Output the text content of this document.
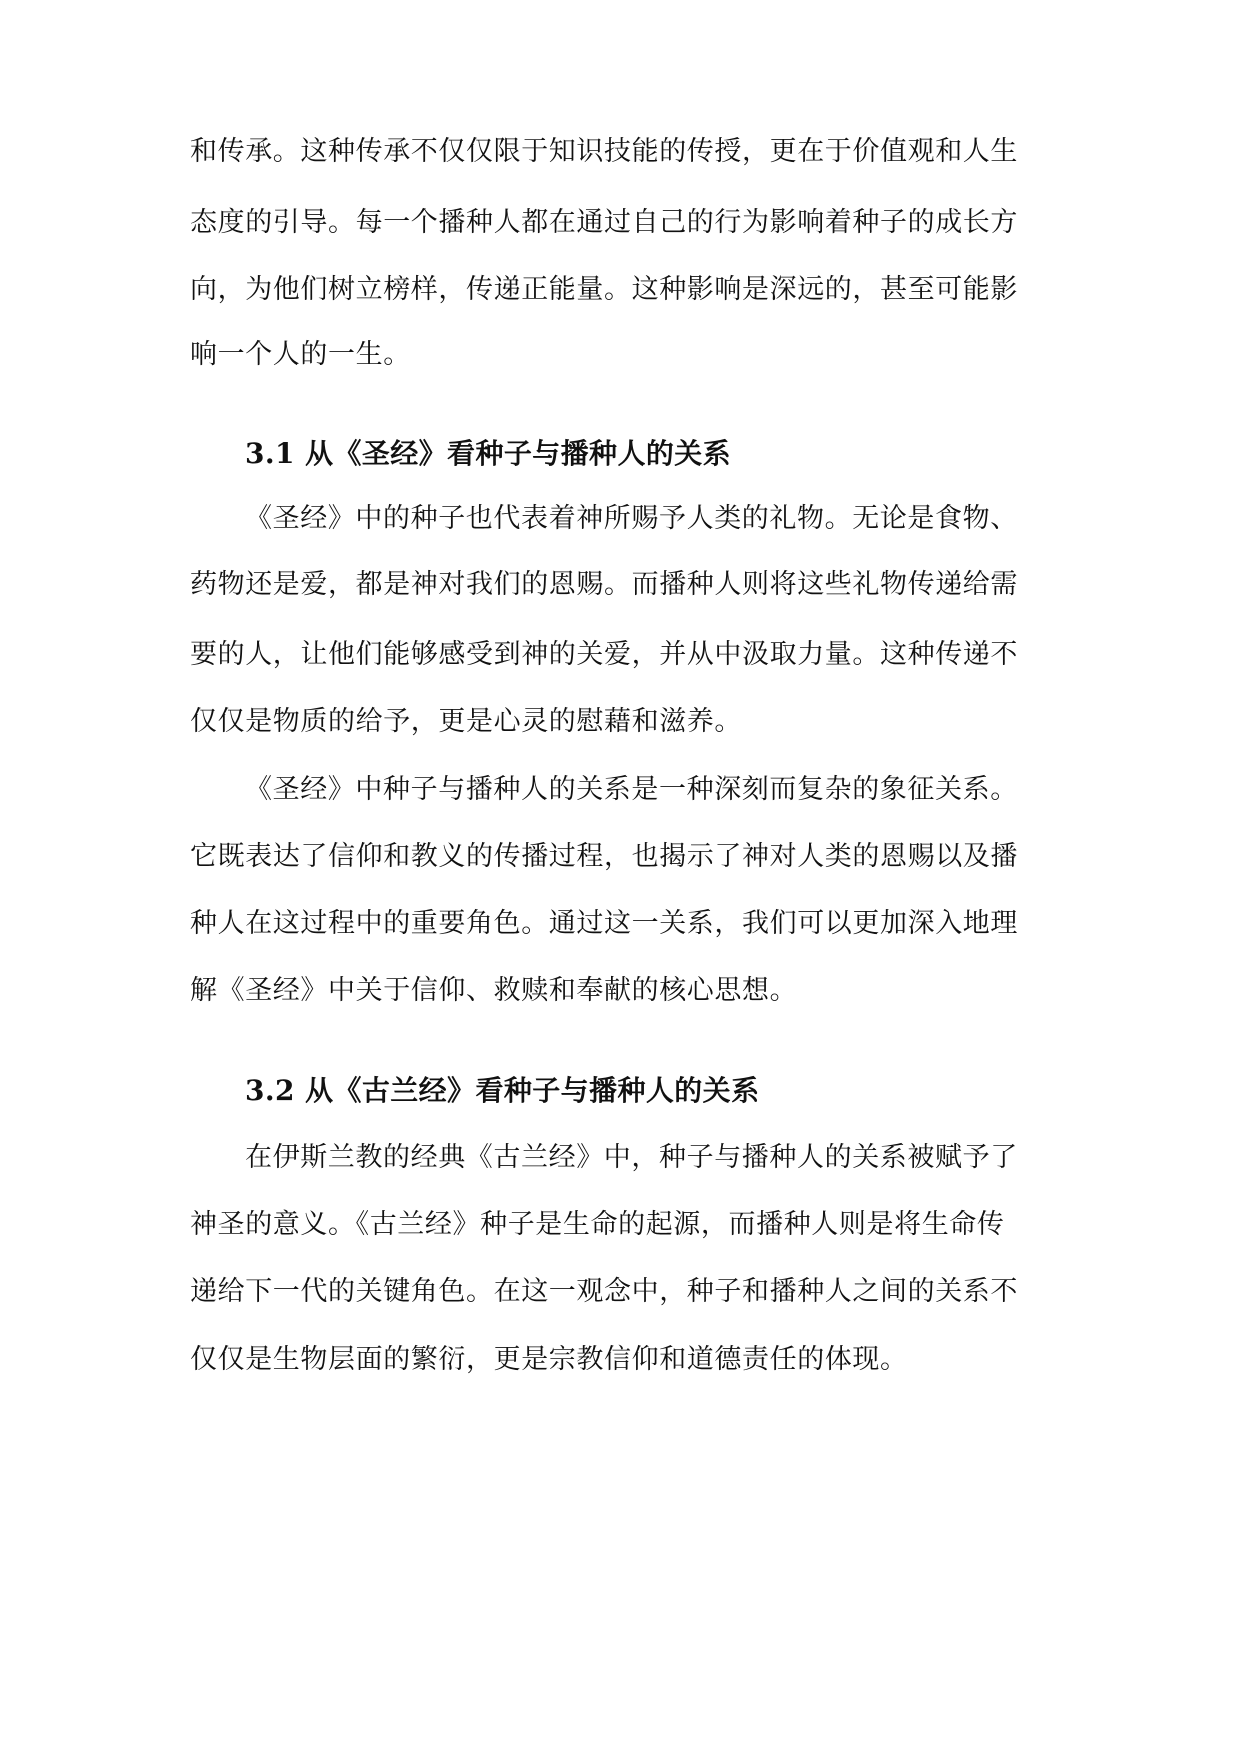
和传承。这种传承不仅仅限于知识技能的传授，更在于价值观和人生
态度的引导。每一个播种人都在通过自己的行为影响着种子的成长方
向，为他们树立榜样，传递正能量。这种影响是深远的，甚至可能影
响一个人的一生。
3.1 从《圣经》看种子与播种人的关系
《圣经》中的种子也代表着神所赐予人类的礼物。无论是食物、
药物还是爱，都是神对我们的恩赐。而播种人则将这些礼物传递给需
要的人，让他们能够感受到神的关爱，并从中汲取力量。这种传递不
仅仅是物质的给予，更是心灵的慰藉和滋养。
《圣经》中种子与播种人的关系是一种深刻而复杂的象征关系。
它既表达了信仰和教义的传播过程，也揭示了神对人类的恩赐以及播
种人在这过程中的重要角色。通过这一关系，我们可以更加深入地理
解《圣经》中关于信仰、救赎和奉献的核心思想。
3.2 从《古兰经》看种子与播种人的关系
在伊斯兰教的经典《古兰经》中，种子与播种人的关系被赋予了
神圣的意义。《古兰经》种子是生命的起源，而播种人则是将生命传
递给下一代的关键角色。在这一观念中，种子和播种人之间的关系不
仅仅是生物层面的繁衍，更是宗教信仰和道德责任的体现。
